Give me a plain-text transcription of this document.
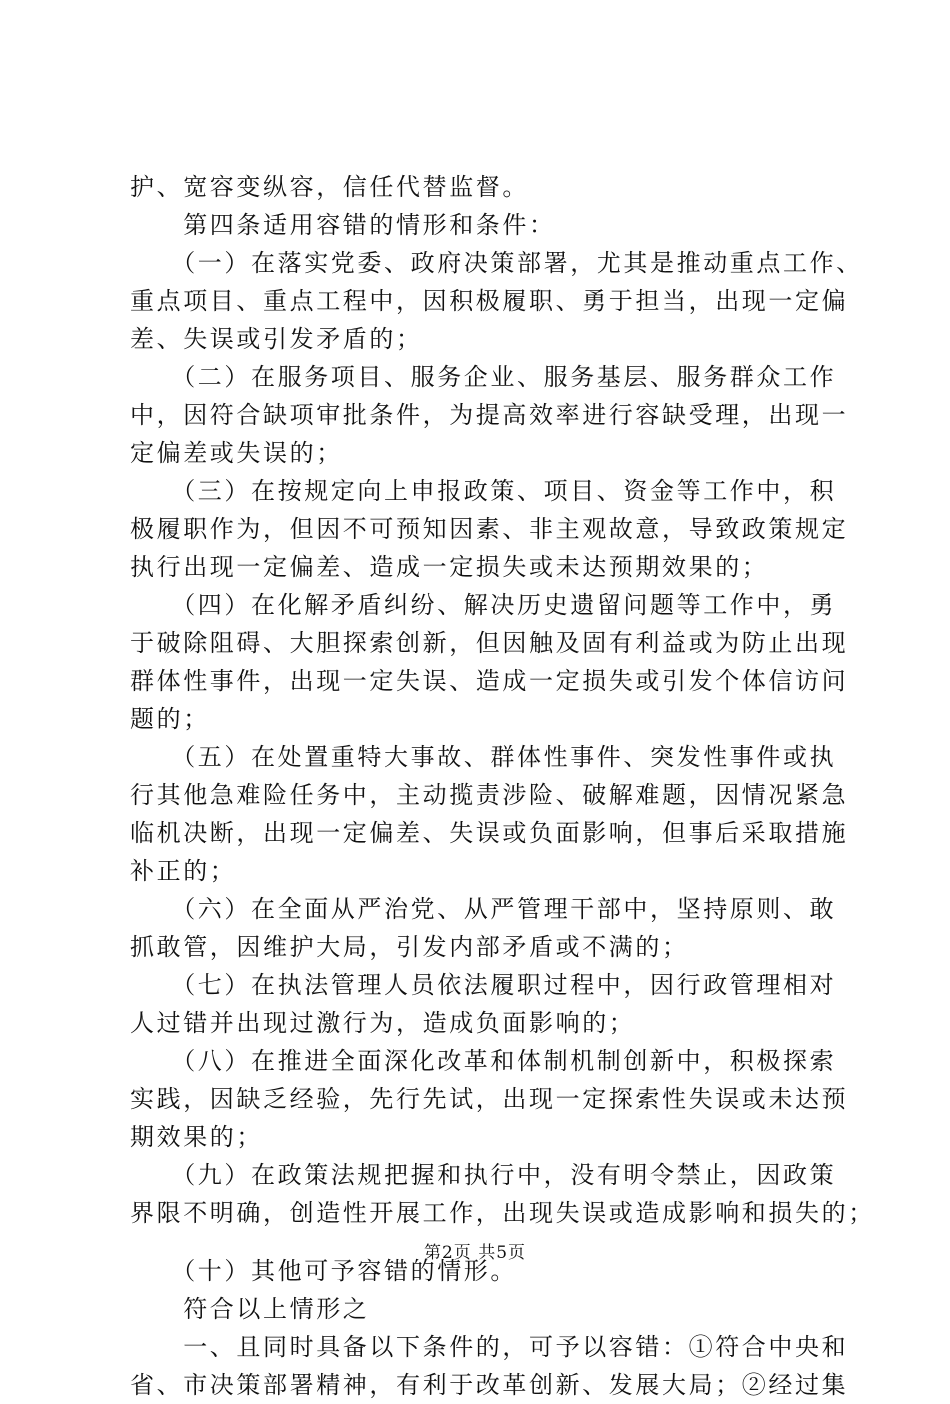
护、宽容变纵容，信任代替监督。
　　第四条适用容错的情形和条件：
　　（一）在落实党委、政府决策部署，尤其是推动重点工作、
重点项目、重点工程中，因积极履职、勇于担当，出现一定偏
差、失误或引发矛盾的；
　　（二）在服务项目、服务企业、服务基层、服务群众工作
中，因符合缺项审批条件，为提高效率进行容缺受理，出现一
定偏差或失误的；
　　（三）在按规定向上申报政策、项目、资金等工作中，积
极履职作为，但因不可预知因素、非主观故意，导致政策规定
执行出现一定偏差、造成一定损失或未达预期效果的；
　　（四）在化解矛盾纠纷、解决历史遗留问题等工作中，勇
于破除阻碍、大胆探索创新，但因触及固有利益或为防止出现
群体性事件，出现一定失误、造成一定损失或引发个体信访问
题的；
　　（五）在处置重特大事故、群体性事件、突发性事件或执
行其他急难险任务中，主动揽责涉险、破解难题，因情况紧急
临机决断，出现一定偏差、失误或负面影响，但事后采取措施
补正的；
　　（六）在全面从严治党、从严管理干部中，坚持原则、敢
抓敢管，因维护大局，引发内部矛盾或不满的；
　　（七）在执法管理人员依法履职过程中，因行政管理相对
人过错并出现过激行为，造成负面影响的；
　　（八）在推进全面深化改革和体制机制创新中，积极探索
实践，因缺乏经验，先行先试，出现一定探索性失误或未达预
期效果的；
　　（九）在政策法规把握和执行中，没有明令禁止，因政策
界限不明确，创造性开展工作，出现失误或造成影响和损失的；
　　（十）其他可予容错的情形。
　　符合以上情形之
　　一、且同时具备以下条件的，可予以容错：①符合中央和
省、市决策部署精神，有利于改革创新、发展大局；②经过集
第2页 共5页
